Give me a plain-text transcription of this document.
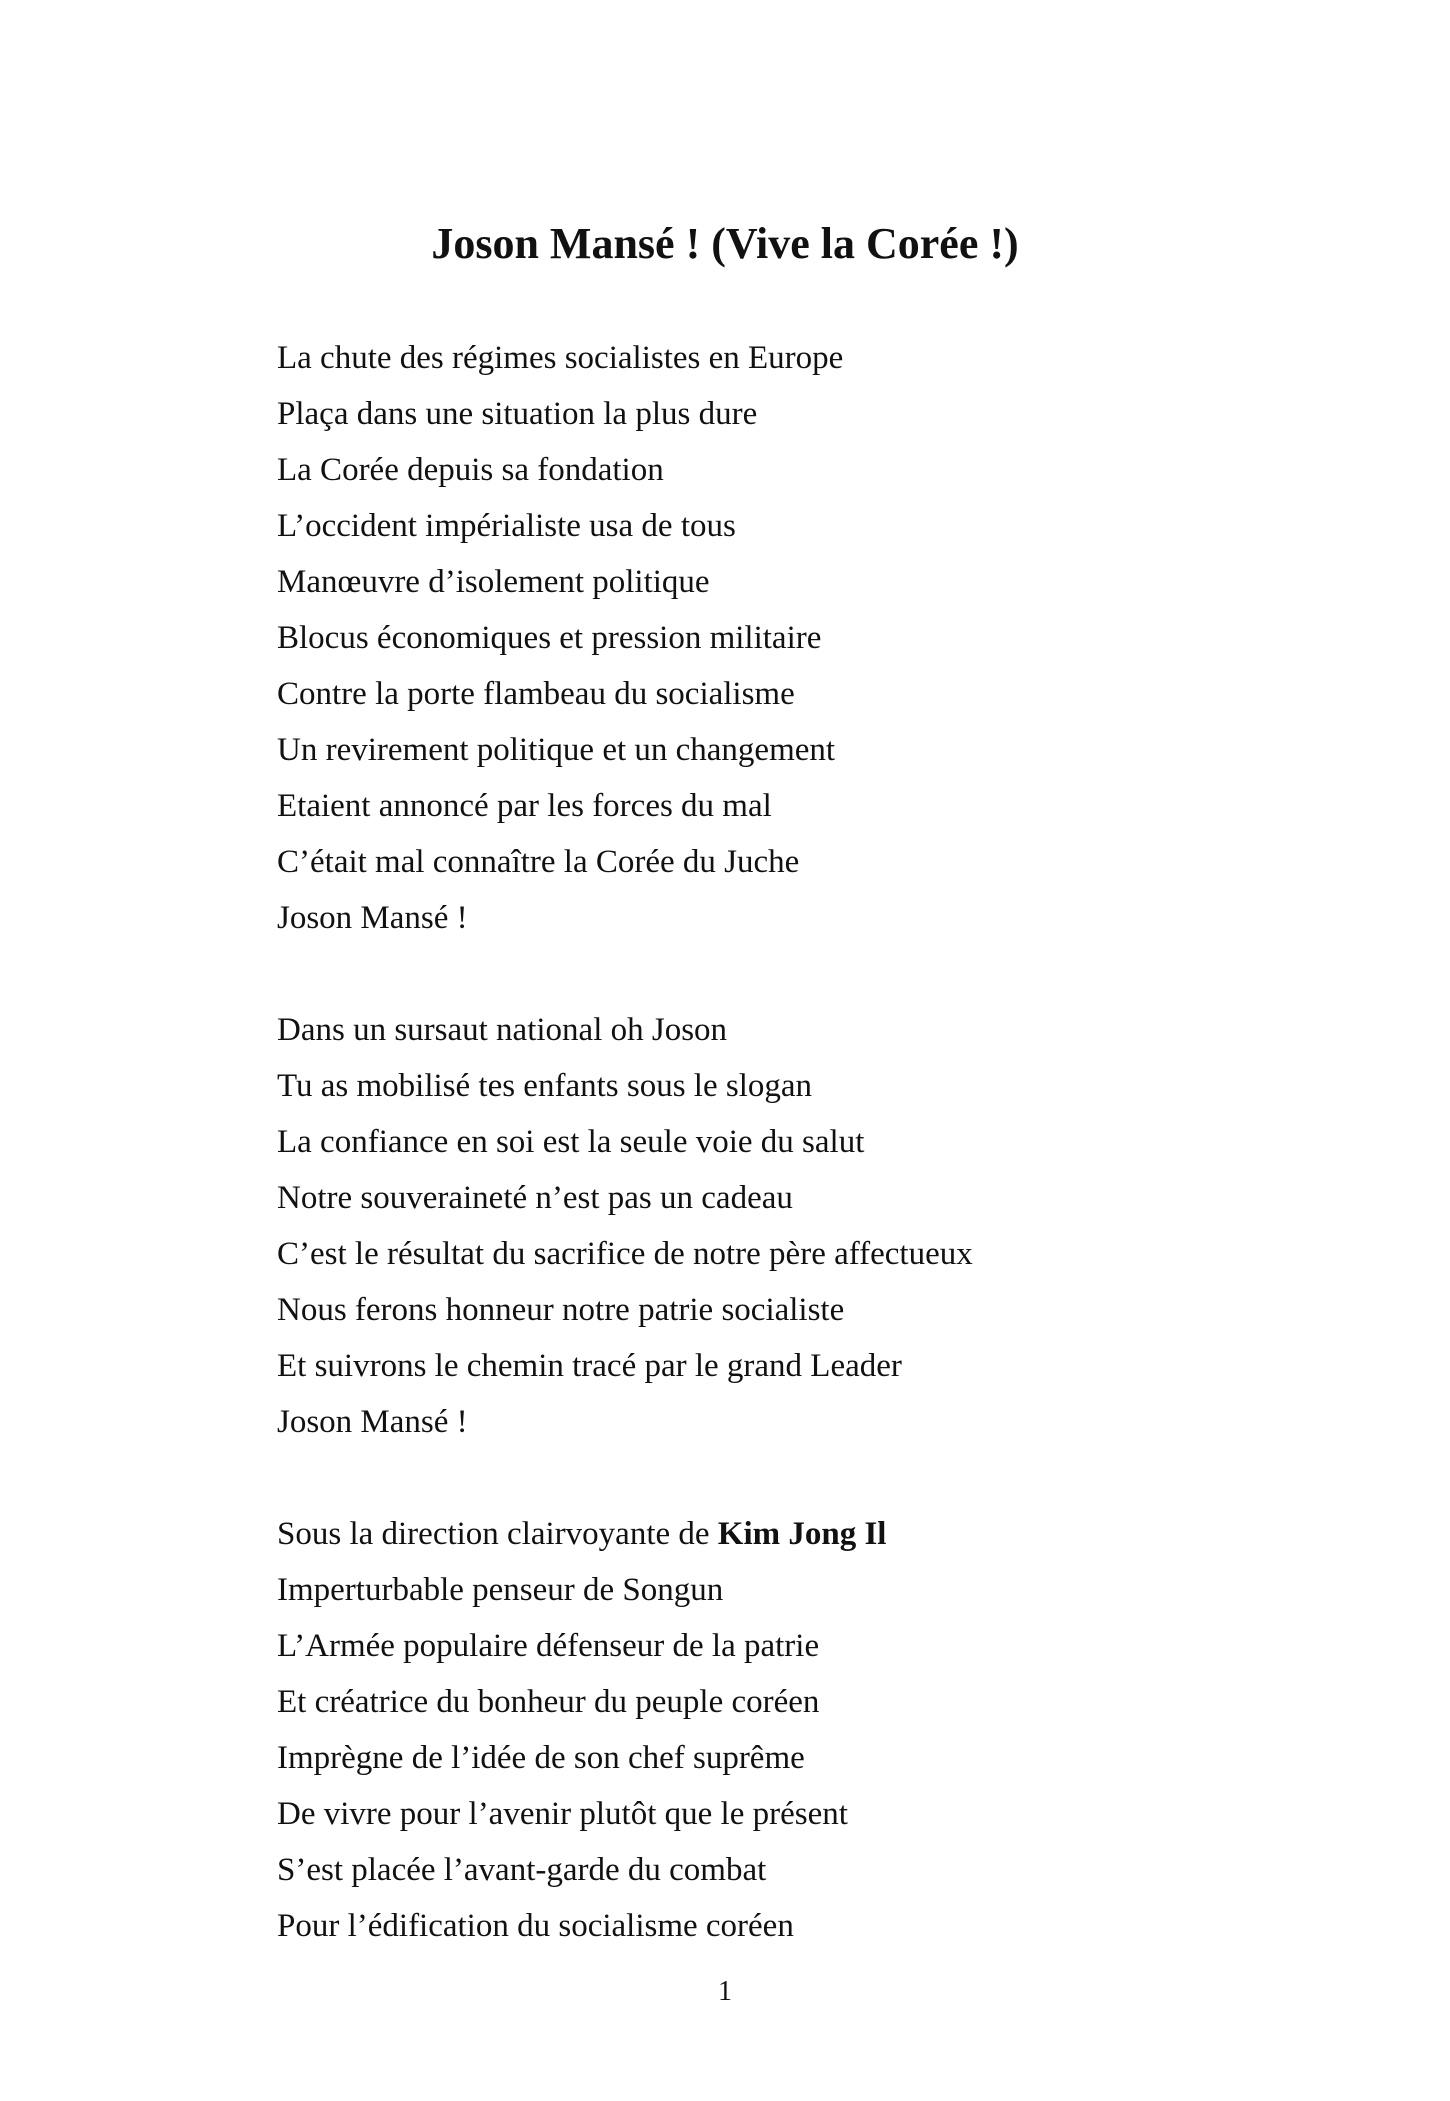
Joson Mansé ! (Vive la Corée !)
La chute des régimes socialistes en Europe
Plaça dans une situation la plus dure
La Corée depuis sa fondation
L’occident impérialiste usa de tous
Manœuvre d’isolement politique
Blocus économiques et pression militaire
Contre la porte flambeau du socialisme
Un revirement politique et un changement
Etaient annoncé par les forces du mal
C’était mal connaître la Corée du Juche
Joson Mansé !
Dans un sursaut national oh Joson
Tu as mobilisé tes enfants sous le slogan
La confiance en soi est la seule voie du salut
Notre souveraineté n’est pas un cadeau
C’est le résultat du sacrifice de notre père affectueux
Nous ferons honneur notre patrie socialiste
Et suivrons le chemin tracé par le grand Leader
Joson Mansé !
Sous la direction clairvoyante de Kim Jong Il
Imperturbable penseur de Songun
L’Armée populaire défenseur de la patrie
Et créatrice du bonheur du peuple coréen
Imprègne de l’idée de son chef suprême
De vivre pour l’avenir plutôt que le présent
S’est placée l’avant-garde du combat
Pour l’édification du socialisme coréen
1
